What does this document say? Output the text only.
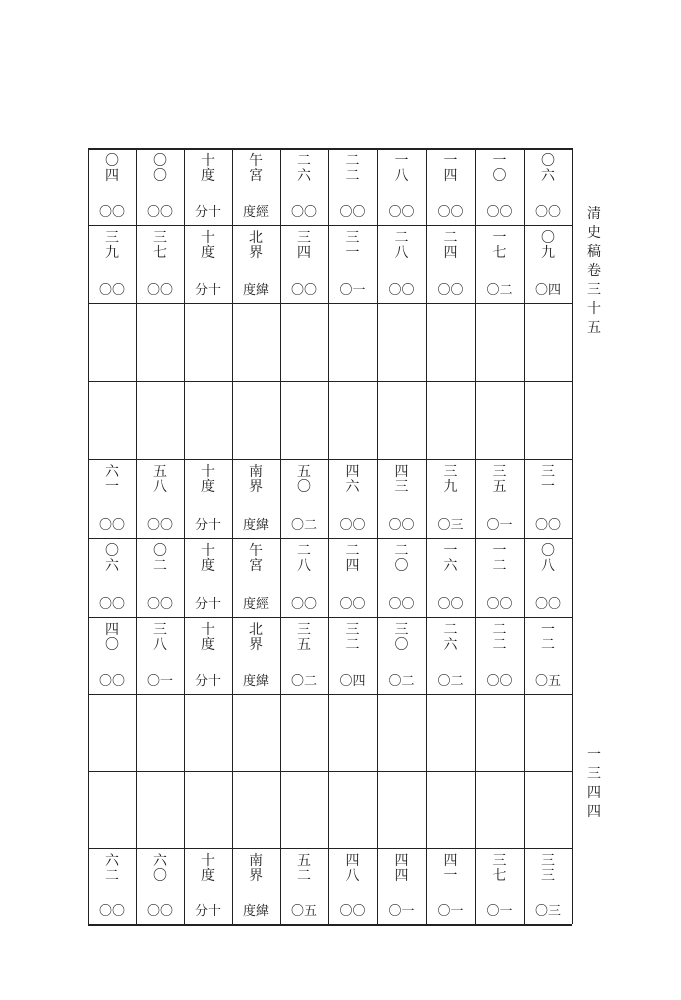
〇
四
〇〇
〇
〇
〇〇
十
度
分十
午
宮
度經
二
六
〇〇
二
二
〇〇
一
八
〇〇
一
四
〇〇
一
〇
〇〇
〇
六
〇〇
三
九
〇〇
三
七
〇〇
十
度
分十
北
界
度緯
三
四
〇〇
三
一
〇一
二
八
〇〇
二
四
〇〇
一
七
〇二
〇
九
〇四
六
一
〇〇
五
八
〇〇
十
度
分十
南
界
度緯
五
〇
〇二
四
六
〇〇
四
三
〇〇
三
九
〇三
三
五
〇一
三
一
〇〇
〇
六
〇〇
〇
二
〇〇
十
度
分十
午
宮
度經
二
八
〇〇
二
四
〇〇
二
〇
〇〇
一
六
〇〇
一
二
〇〇
〇
八
〇〇
四
〇
〇〇
三
八
〇一
十
度
分十
北
界
度緯
三
五
〇二
三
二
〇四
三
〇
〇二
二
六
〇二
二
二
〇〇
一
二
〇五
六
二
〇〇
六
〇
〇〇
十
度
分十
南
界
度緯
五
二
〇五
四
八
〇〇
四
四
〇一
四
一
〇一
三
七
〇一
三
三
〇三
清
史
稿
卷
三
十
五
一
三
四
四
